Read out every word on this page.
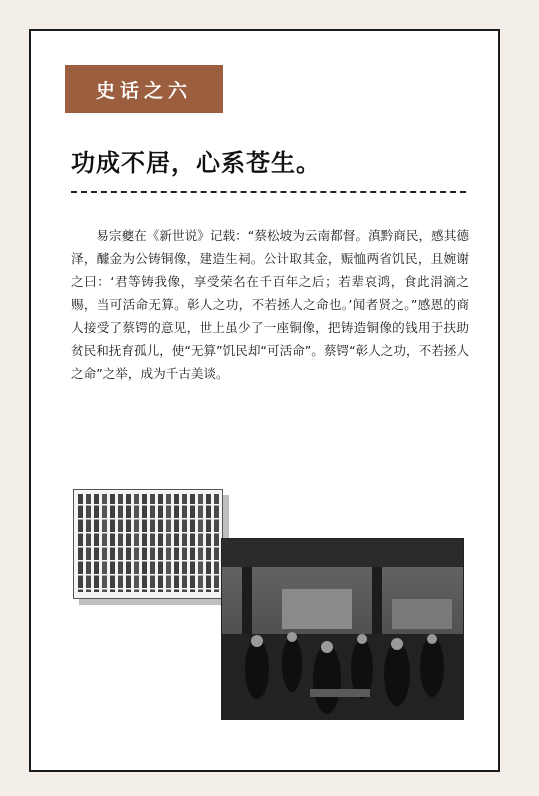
史话之六
功成不居，心系苍生。

易宗夔在《新世说》记载：“蔡松坡为云南都督。滇黔商民，感其德泽，醵金为公铸铜像，建造生祠。公计取其金，赈恤两省饥民，且婉谢之曰：‘君等铸我像，享受荣名在千百年之后；若辈哀鸿，食此涓滴之赐，当可活命无算。彰人之功，不若拯人之命也。’闻者贤之。”感恩的商人接受了蔡锷的意见，世上虽少了一座铜像，把铸造铜像的钱用于扶助贫民和抚育孤儿，使“无算”饥民却“可活命”。蔡锷“彰人之功，不若拯人之命”之举，成为千古美谈。
